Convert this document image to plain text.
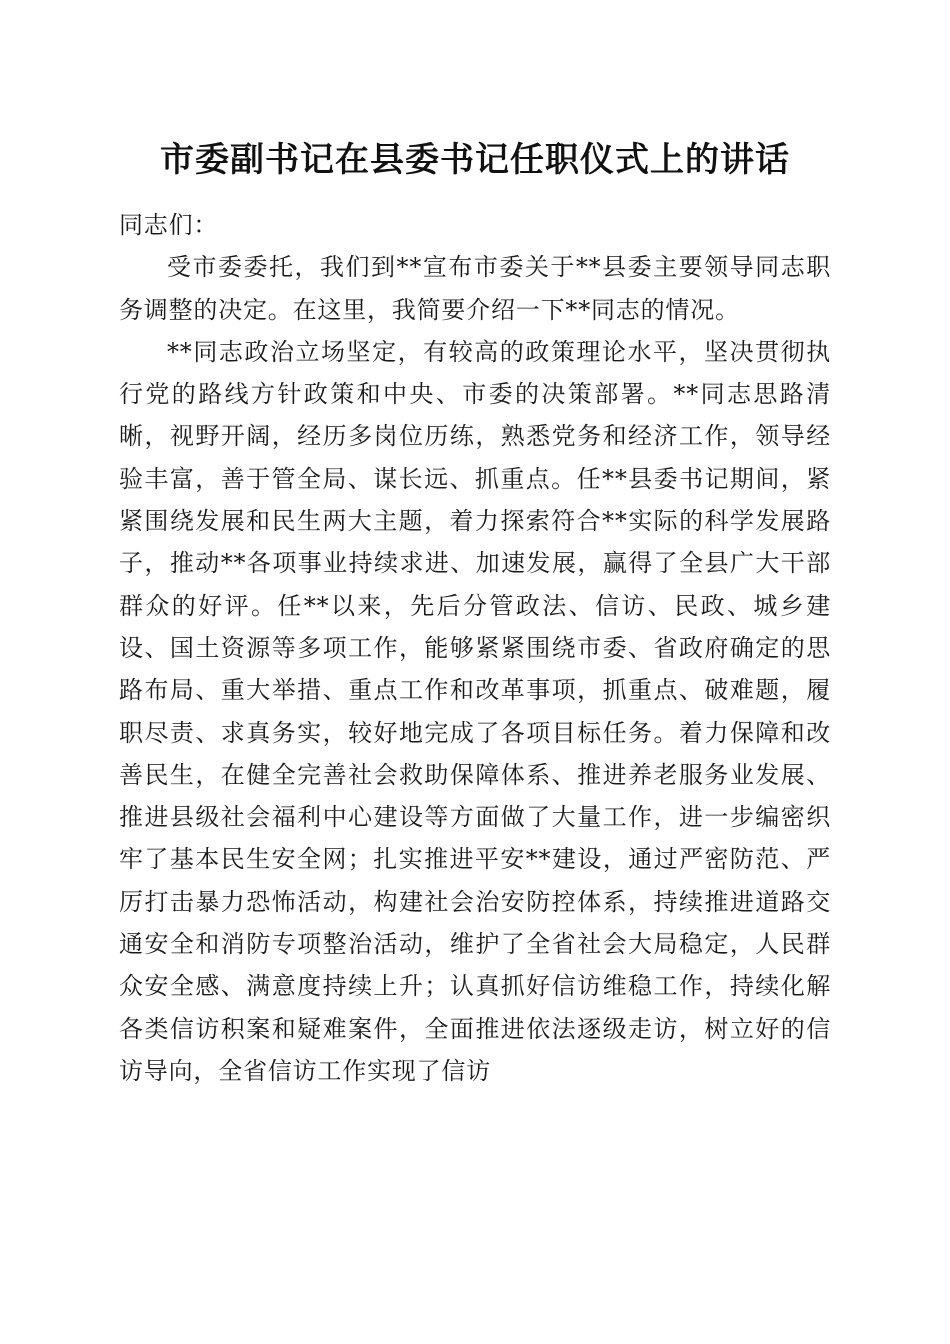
市委副书记在县委书记任职仪式上的讲话

同志们：

受市委委托，我们到**宣布市委关于**县委主要领导同志职务调整的决定。在这里，我简要介绍一下**同志的情况。

**同志政治立场坚定，有较高的政策理论水平，坚决贯彻执行党的路线方针政策和中央、市委的决策部署。**同志思路清晰，视野开阔，经历多岗位历练，熟悉党务和经济工作，领导经验丰富，善于管全局、谋长远、抓重点。任**县委书记期间，紧紧围绕发展和民生两大主题，着力探索符合**实际的科学发展路子，推动**各项事业持续求进、加速发展，赢得了全县广大干部群众的好评。任**以来，先后分管政法、信访、民政、城乡建设、国土资源等多项工作，能够紧紧围绕市委、省政府确定的思路布局、重大举措、重点工作和改革事项，抓重点、破难题，履职尽责、求真务实，较好地完成了各项目标任务。着力保障和改善民生，在健全完善社会救助保障体系、推进养老服务业发展、推进县级社会福利中心建设等方面做了大量工作，进一步编密织牢了基本民生安全网；扎实推进平安**建设，通过严密防范、严厉打击暴力恐怖活动，构建社会治安防控体系，持续推进道路交通安全和消防专项整治活动，维护了全省社会大局稳定，人民群众安全感、满意度持续上升；认真抓好信访维稳工作，持续化解各类信访积案和疑难案件，全面推进依法逐级走访，树立好的信访导向，全省信访工作实现了信访
